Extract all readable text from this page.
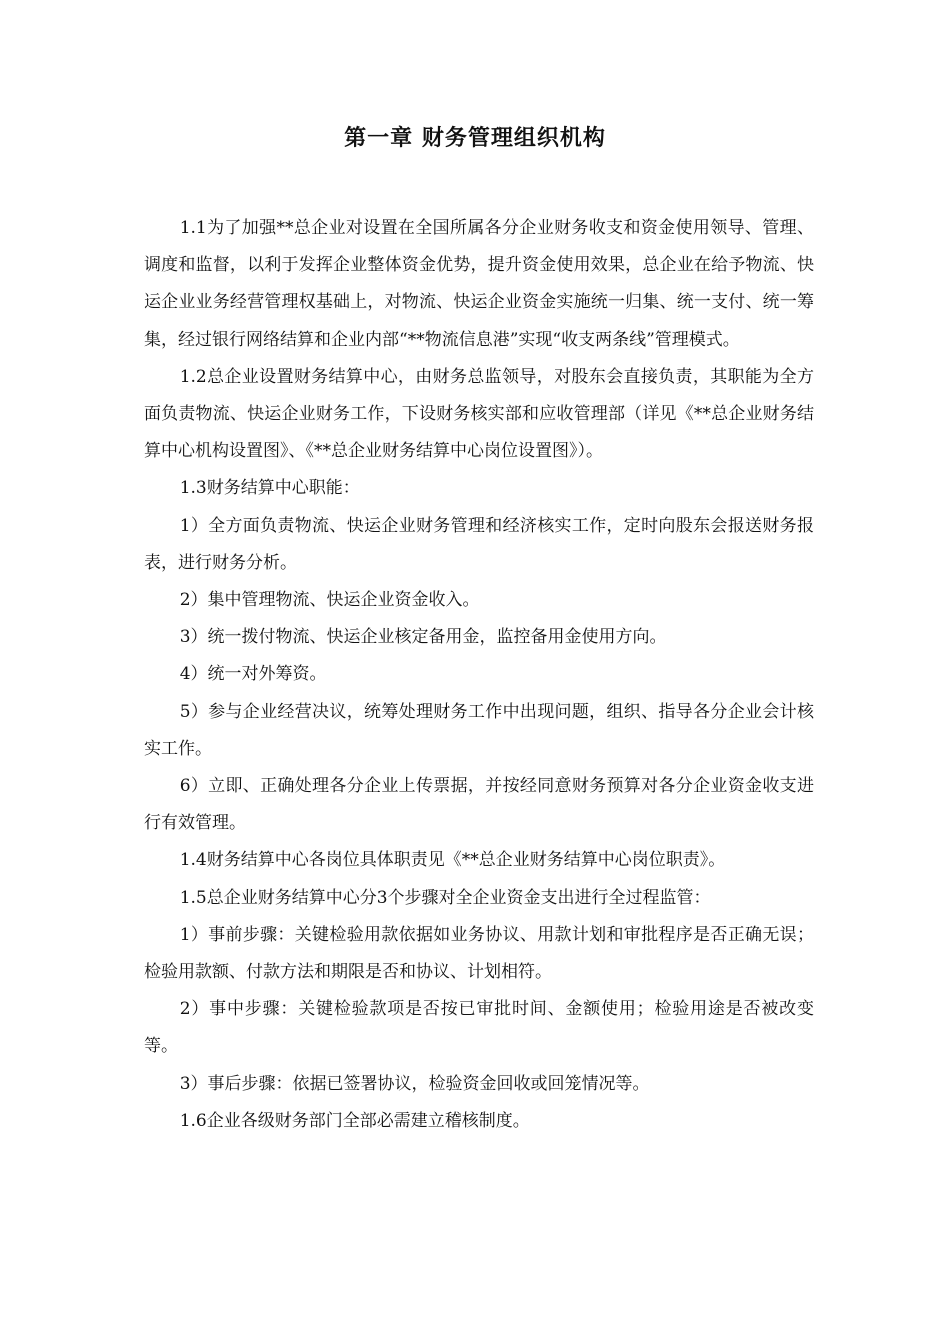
第一章 财务管理组织机构

1.1为了加强**总企业对设置在全国所属各分企业财务收支和资金使用领导、管理、调度和监督，以利于发挥企业整体资金优势，提升资金使用效果，总企业在给予物流、快运企业业务经营管理权基础上，对物流、快运企业资金实施统一归集、统一支付、统一筹集，经过银行网络结算和企业内部“**物流信息港”实现“收支两条线”管理模式。

1.2总企业设置财务结算中心，由财务总监领导，对股东会直接负责，其职能为全方面负责物流、快运企业财务工作，下设财务核实部和应收管理部（详见《**总企业财务结算中心机构设置图》、《**总企业财务结算中心岗位设置图》）。

1.3财务结算中心职能：

1）全方面负责物流、快运企业财务管理和经济核实工作，定时向股东会报送财务报表，进行财务分析。

2）集中管理物流、快运企业资金收入。

3）统一拨付物流、快运企业核定备用金，监控备用金使用方向。

4）统一对外筹资。

5）参与企业经营决议，统筹处理财务工作中出现问题，组织、指导各分企业会计核实工作。

6）立即、正确处理各分企业上传票据，并按经同意财务预算对各分企业资金收支进行有效管理。

1.4财务结算中心各岗位具体职责见《**总企业财务结算中心岗位职责》。

1.5总企业财务结算中心分3个步骤对全企业资金支出进行全过程监管：

1）事前步骤：关键检验用款依据如业务协议、用款计划和审批程序是否正确无误；检验用款额、付款方法和期限是否和协议、计划相符。

2）事中步骤：关键检验款项是否按已审批时间、金额使用；检验用途是否被改变等。

3）事后步骤：依据已签署协议，检验资金回收或回笼情况等。

1.6企业各级财务部门全部必需建立稽核制度。
